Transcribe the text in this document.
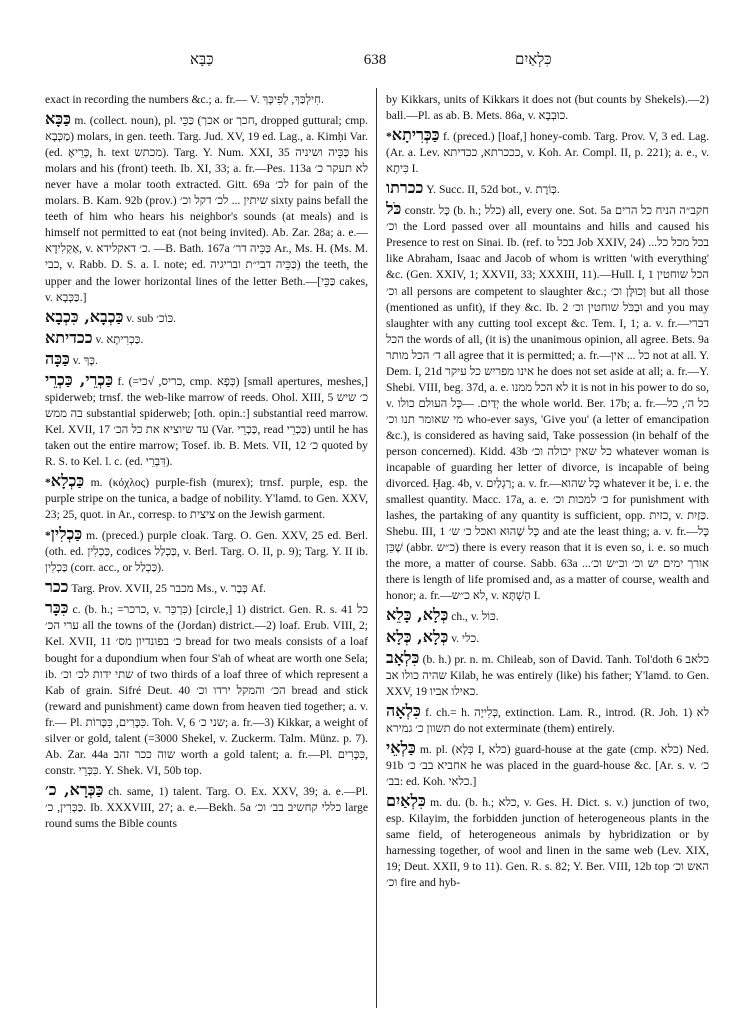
כַּבָּא	638	כִּלְאַיִם

exact in recording the numbers &c.; a. fr.— V. חִילְכַּךְ, לְפִיכָּךְ.

כַּכָּא m. (collect. noun), pl. כַּכֵּי (אכך or חכך, dropped guttural; cmp. מַכְּבָא) molars, in gen. teeth. Targ. Jud. XV, 19 ed. Lag., a. Kimḥi Var. (ed. כְּרֵיאָ, h. text מכתש). Targ. Y. Num. XXI, 35 כַּכֵּיה ושיניה his molars and his (front) teeth. Ib. XI, 33; a. fr.—Pes. 113a לא תעקר כ׳ never have a molar tooth extracted. Gitt. 69a לכ׳ for pain of the molars. B. Kam. 92b (prov.) שיתין ... לכ׳ דקל וכ׳ sixty pains befall the teeth of him who hears his neighbor's sounds (at meals) and is himself not permitted to eat (not being invited). Ab. Zar. 28a; a. e.—אַקְלִידָא, v. כ׳ דאקלידא. —B. Bath. 167a כַּכֵּיה דר׳ Ar., Ms. H. (Ms. M. כבי, v. Rabb. D. S. a. l. note; ed. כַּכֵּיה דבי״ת ובריגיה) the teeth, the upper and the lower horizontal lines of the letter Beth.—[כַּכֵּי cakes, v. כַּכְּבָא.]

כַּכְבָא, כִּכְבָא v. sub כּוֹכ׳.

ככדיתא v. כַּכְרִיתָא.

כַּכָּה v. כָּךְ.

כַּכְרֵי, כַּכְרֵי f. (=כריס, √כי, cmp. כְּפָא) [small apertures, meshes,] spiderweb; trnsf. the web-like marrow of reeds. Ohol. XIII, 5 כ׳ שיש בה ממש substantial spiderweb; [oth. opin.:] substantial reed marrow. Kel. XVII, 17 עד שיוציא את כל הכ׳ (Var. כַּכְרֵי, read כַּכְרֵי) until he has taken out the entire marrow; Tosef. ib. B. Mets. VII, 12 כ׳ quoted by R. S. to Kel. l. c. (ed. דִּבְרֵי).

*כַּכְלָא m. (κόχλος) purple-fish (murex); trnsf. purple, esp. the purple stripe on the tunica, a badge of nobility. Y'lamd. to Gen. XXV, 23; 25, quot. in Ar., corresp. to ציצית on the Jewish garment.

*כַּכְלִין m. (preced.) purple cloak. Targ. O. Gen. XXV, 25 ed. Berl. (oth. ed. כַּכְלִין, codices כַּכְלַל, v. Berl. Targ. O. II, p. 9); Targ. Y. II ib. כַּכְלִין (corr. acc., or כַּכְלַל).

ככר Targ. Prov. XVII, 25 מכבר Ms., v. כְּבַר Af.

כִּכָּר c. (b. h.; =כרכר, v. כִּרְכֵּר) [circle,] 1) district. Gen. R. s. 41 כל ערי הכ׳ all the towns of the (Jordan) district.—2) loaf. Erub. VIII, 2; Kel. XVII, 11 כ׳ בפונדיון מס׳ bread for two meals consists of a loaf bought for a dupondium when four S'ah of wheat are worth one Sela; ib. שתי ידות לכ׳ וכ׳ of two thirds of a loaf three of which represent a Kab of grain. Sifré Deut. 40 הכ׳ והמקל ירדו וכ׳ bread and stick (reward and punishment) came down from heaven tied together; a. v. fr.— Pl. כִּכָּרִים, כִּכָּרוֹת. Toh. V, 6 שני כ׳; a. fr.—3) Kikkar, a weight of silver or gold, talent (=3000 Shekel, v. Zuckerm. Talm. Münz. p. 7). Ab. Zar. 44a שוה ככר זהב worth a gold talent; a. fr.—Pl. כִּכָּרִים, constr. כִּכְּרֵי. Y. Shek. VI, 50b top.

כַּכְּרָא, כ׳ ch. same, 1) talent. Targ. O. Ex. XXV, 39; a. e.—Pl. כַּכְּרִין, כ׳. Ib. XXXVIII, 27; a. e.—Bekh. 5a כללי קחשיב בב׳ וכ׳ large round sums the Bible counts

by Kikkars, units of Kikkars it does not (but counts by Shekels).—2) ball.—Pl. as ab. B. Mets. 86a, v. כוּבְבָא.

*כַּכְּרִיתָא f. (preced.) [loaf,] honey-comb. Targ. Prov. V, 3 ed. Lag. (Ar. a. Lev. כככרתא, ככדיתא, v. Koh. Ar. Compl. II, p. 221); a. e., v. כִּיתָא I.

ככרתו Y. Succ. II, 52d bot., v. כְּוֹרֶת.

כֹּל constr. כָּל (b. h.; כלל) all, every one. Sot. 5a חקב״ה הניח כל הרים וכ׳ the Lord passed over all mountains and hills and caused his Presence to rest on Sinai. Ib. (ref. to בכל Job XXIV, 24) ...בכל מכל כל like Abraham, Isaac and Jacob of whom is written 'with everything' &c. (Gen. XXIV, 1; XXVII, 33; XXXIII, 11).—Hull. I, 1 הכל שוחטין וכ׳ all persons are competent to slaughter &c.; וְכוּלָּן וכ׳ but all those (mentioned as unfit), if they &c. Ib. 2 וּבַכֹּל שוחטין וכ׳ and you may slaughter with any cutting tool except &c. Tem. I, 1; a. v. fr.—דברי הכל the words of all, (it is) the unanimous opinion, all agree. Bets. 9a ד׳ הכל מותר all agree that it is permitted; a. fr.—כל ... אין not at all. Y. Dem. I, 21d אינו מפריש כל עיקר he does not set aside at all; a. fr.—Y. Shebi. VIII, beg. 37d, a. e. לא הכל ממנו it is not in his power to do so, v. יְדַיִם. —כָּל העולם כולו the whole world. Ber. 17b; a. fr.—כל ה׳, כל מי שאומר תנו וכ׳ who-ever says, 'Give you' (a letter of emancipation &c.), is considered as having said, Take possession (in behalf of the person concerned). Kidd. 43b כל שאין יכולה וכ׳ whatever woman is incapable of guarding her letter of divorce, is incapable of being divorced. Ḥag. 4b, v. רַגְלַיִם; a. v. fr.—כָּל שהוא whatever it be, i. e. the smallest quantity. Macc. 17a, a. e. כ׳ למכות וכ׳ for punishment with lashes, the partaking of any quantity is sufficient, opp. כזית, v. כַּזַיִת. Shebu. III, 1 כָּל שֶׁהוּא ואכל כ׳ ש׳ and ate the least thing; a. v. fr.—כָּל שֶׁכֵּן (abbr. כ״ש) there is every reason that it is even so, i. e. so much the more, a matter of course. Sabb. 63a ...אורך ימים יש וכ׳ וכ״ש וכ׳ there is length of life promised and, as a matter of course, wealth and honor; a. fr.—לא כ״ש, v. הַשְׁתָּא I.

כְּלָא, כָּלֵא ch., v. כּוֹל.

כְּלָא, כְּלָא v. כלי.

כִּלְאָב (b. h.) pr. n. m. Chileab, son of David. Tanh. Tol'doth 6 כלאב שהיה כולו אב Kilab, he was entirely (like) his father; Y'lamd. to Gen. XXV, 19 כאילו אביו.

כִּלְאָה f. ch.= h. כְּלִייָה, extinction. Lam. R., introd. (R. Joh. 1) לא תשוון כ׳ גמירא do not exterminate (them) entirely.

כַּלְאֵי m. pl. (כְּלָא I, כלא) guard-house at the gate (cmp. כלא) Ned. 91b אחביא בב׳ כ׳ he was placed in the guard-house &c. [Ar. s. v. כ׳ בב׳: ed. Koh. כלאי.]

כִּלְאַיִם m. du. (b. h.; כלא, v. Ges. H. Dict. s. v.) junction of two, esp. Kilayim, the forbidden junction of heterogeneous plants in the same field, of heterogeneous animals by hybridization or by harnessing together, of wool and linen in the same web (Lev. XIX, 19; Deut. XXII, 9 to 11). Gen. R. s. 82; Y. Ber. VIII, 12b top האש וכ׳ וכ׳ fire and hyb-
